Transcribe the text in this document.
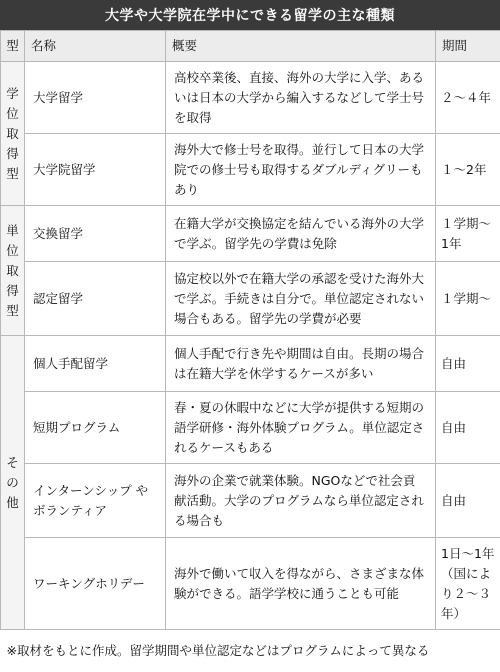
大学や大学院在学中にできる留学の主な種類
型	名称	概要	期間

学
位
取
得
型	大学留学	高校卒業後、直接、海外の大学に入学、あるいは日本の大学から編入するなどして学士号を取得	２～４年
	大学院留学	海外大で修士号を取得。並行して日本の大学院での修士号も取得するダブルディグリーもあり	１～2年

単
位
取
得
型	交換留学	在籍大学が交換協定を結んでいる海外の大学で学ぶ。留学先の学費は免除	１学期～1年
	認定留学	協定校以外で在籍大学の承認を受けた海外大で学ぶ。手続きは自分で。単位認定されない場合もある。留学先の学費が必要	１学期～

そ
の
他	個人手配留学	個人手配で行き先や期間は自由。長期の場合は在籍大学を休学するケースが多い	自由
	短期プログラム	春・夏の休暇中などに大学が提供する短期の語学研修・海外体験プログラム。単位認定されるケースもある	自由
	インターンシップ やボランティア	海外の企業で就業体験。NGOなどで社会貢献活動。大学のプログラムなら単位認定される場合も	自由
	ワーキングホリデー	海外で働いて収入を得ながら、さまざまな体験ができる。語学学校に通うことも可能	1日～1年（国により２～３年）
※取材をもとに作成。留学期間や単位認定などはプログラムによって異なる			
